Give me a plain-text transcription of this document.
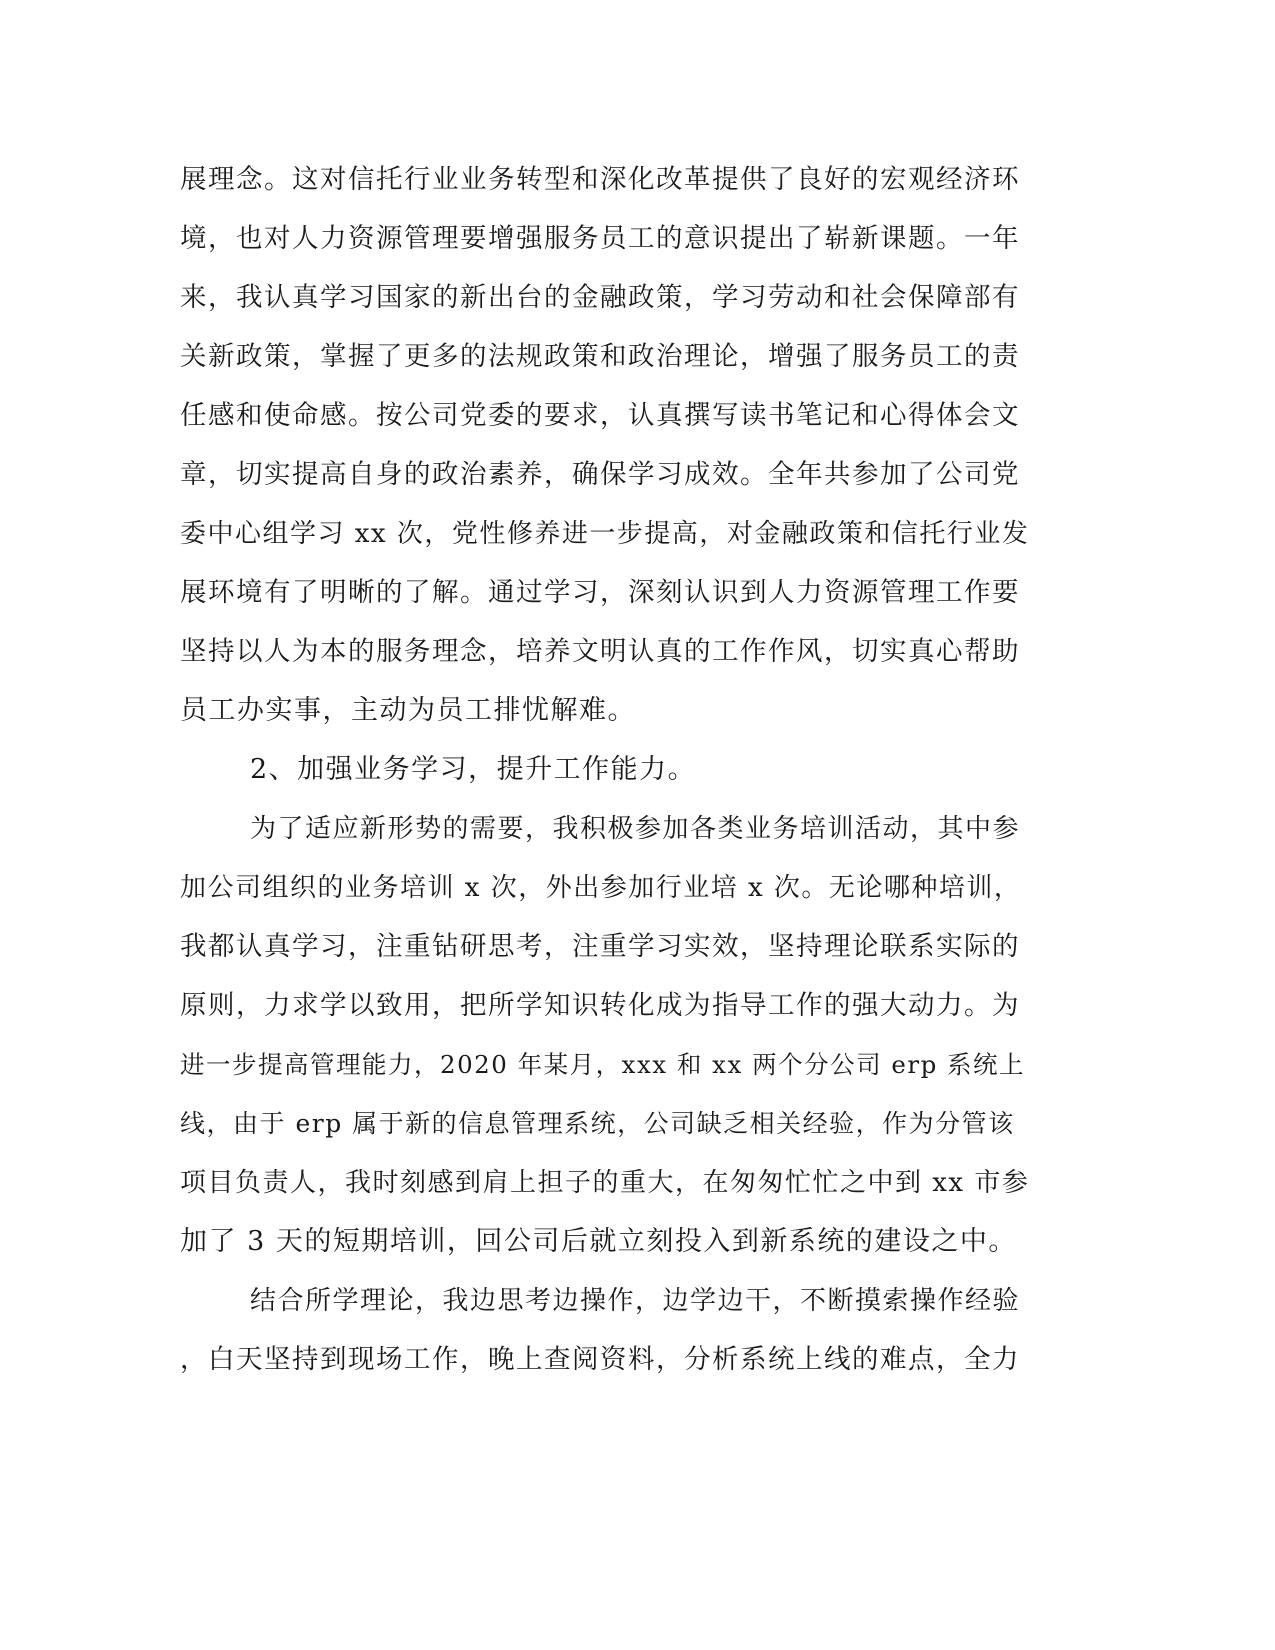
展理念。这对信托行业业务转型和深化改革提供了良好的宏观经济环
境，也对人力资源管理要增强服务员工的意识提出了崭新课题。一年
来，我认真学习国家的新出台的金融政策，学习劳动和社会保障部有
关新政策，掌握了更多的法规政策和政治理论，增强了服务员工的责
任感和使命感。按公司党委的要求，认真撰写读书笔记和心得体会文
章，切实提高自身的政治素养，确保学习成效。全年共参加了公司党
委中心组学习 xx 次，党性修养进一步提高，对金融政策和信托行业发
展环境有了明晰的了解。通过学习，深刻认识到人力资源管理工作要
坚持以人为本的服务理念，培养文明认真的工作作风，切实真心帮助
员工办实事，主动为员工排忧解难。
2、加强业务学习，提升工作能力。
为了适应新形势的需要，我积极参加各类业务培训活动，其中参
加公司组织的业务培训 x 次，外出参加行业培 x 次。无论哪种培训，
我都认真学习，注重钻研思考，注重学习实效，坚持理论联系实际的
原则，力求学以致用，把所学知识转化成为指导工作的强大动力。为
进一步提高管理能力，2020 年某月，xxx 和 xx 两个分公司 erp 系统上
线，由于 erp 属于新的信息管理系统，公司缺乏相关经验，作为分管该
项目负责人，我时刻感到肩上担子的重大，在匆匆忙忙之中到 xx 市参
加了 3 天的短期培训，回公司后就立刻投入到新系统的建设之中。
结合所学理论，我边思考边操作，边学边干，不断摸索操作经验
，白天坚持到现场工作，晚上查阅资料，分析系统上线的难点，全力
